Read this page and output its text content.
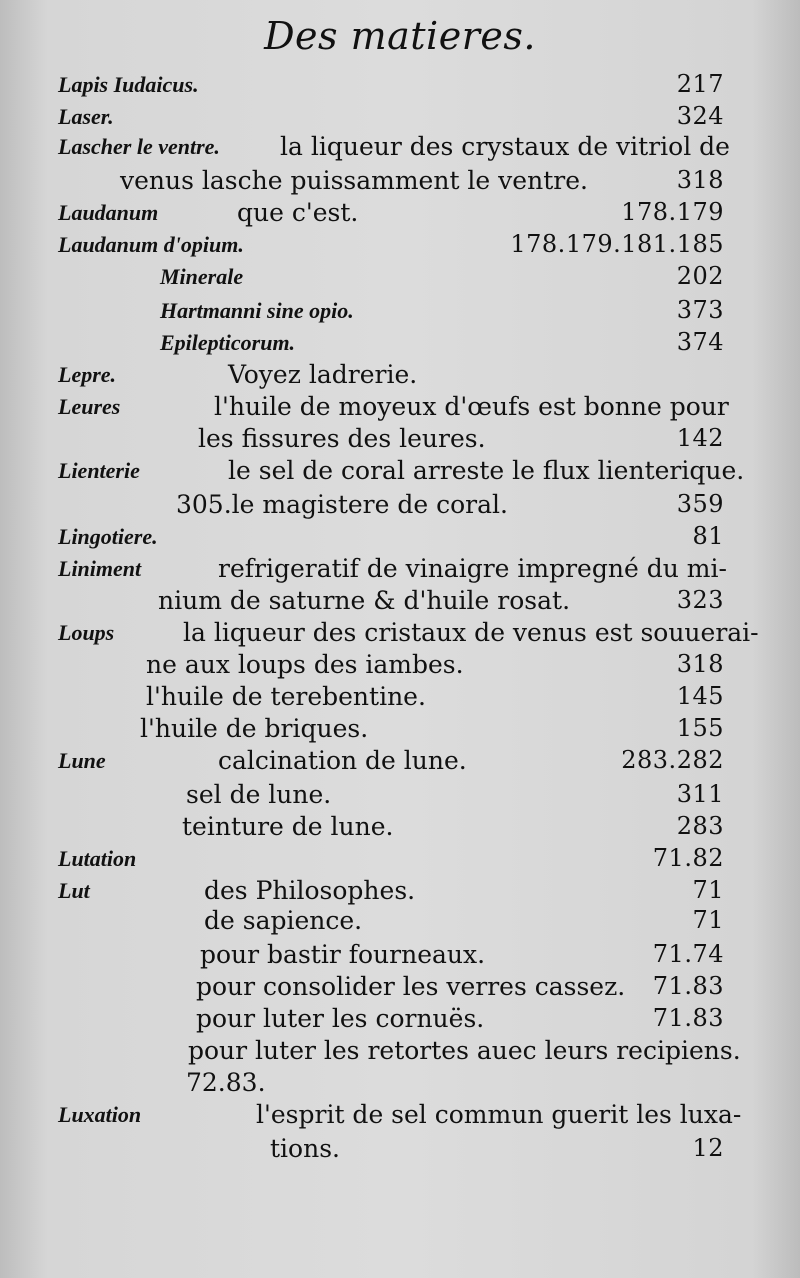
Des matieres.
Lapis Iudaicus.	217
Laser.	324
Lascher le ventre. la liqueur des crystaux de vitriol de
venus lasche puissamment le ventre.	318
Laudanum	que c'est.	178.179
Laudanum d'opium.	178.179.181.185
Minerale	202
Hartmanni sine opio.	373
Epilepticorum.	374
Lepre.	Voyez ladrerie.
Leures	l'huile de moyeux d'œufs est bonne pour
les fissures des leures.	142
Lienterie	le sel de coral arreste le flux lienterique.
305.le magistere de coral.	359
Lingotiere.	81
Liniment	refrigeratif de vinaigre impregné du mi-
nium de saturne & d'huile rosat.	323
Loups	la liqueur des cristaux de venus est souuerai-
ne aux loups des iambes.	318
l'huile de terebentine.	145
l'huile de briques.	155
Lune	calcination de lune.	283.282
sel de lune.	311
teinture de lune.	283
Lutation	71.82
Lut	des Philosophes.	71
de sapience.	71
pour bastir fourneaux.	71.74
pour consolider les verres cassez. 71.83
pour luter les cornuës.	71.83
pour luter les retortes auec leurs recipiens.
72.83.
Luxation	l'esprit de sel commun guerit les luxa-
tions.	12
